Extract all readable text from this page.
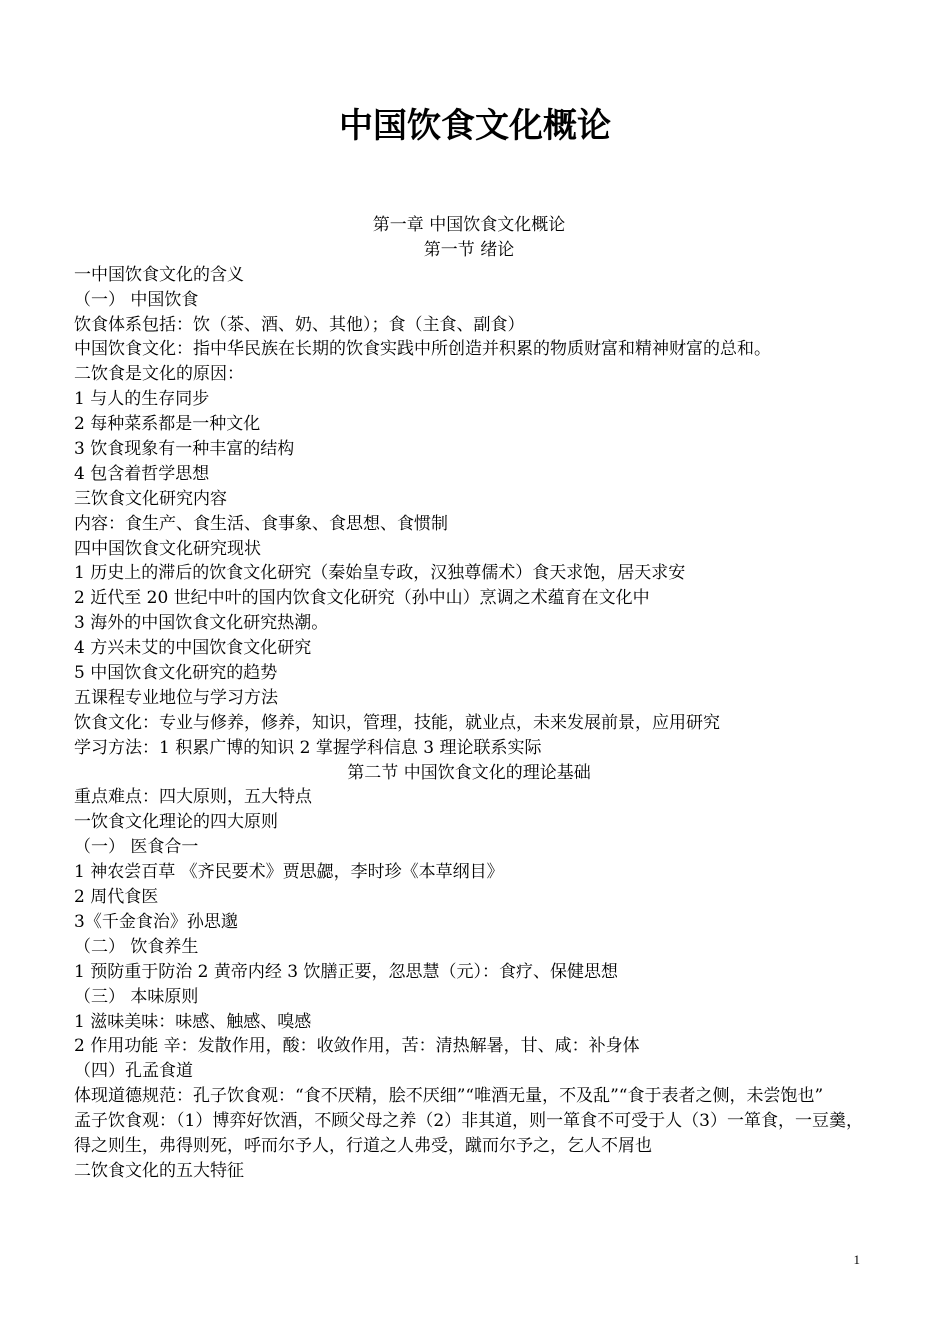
中国饮食文化概论
第一章 中国饮食文化概论
第一节 绪论
一中国饮食文化的含义
（一） 中国饮食
饮食体系包括：饮（茶、酒、奶、其他）；食（主食、副食）
中国饮食文化：指中华民族在长期的饮食实践中所创造并积累的物质财富和精神财富的总和。
二饮食是文化的原因：
1 与人的生存同步
2 每种菜系都是一种文化
3 饮食现象有一种丰富的结构
4 包含着哲学思想
三饮食文化研究内容
内容：食生产、食生活、食事象、食思想、食惯制
四中国饮食文化研究现状
1 历史上的滞后的饮食文化研究（秦始皇专政，汉独尊儒术）食天求饱，居天求安
2 近代至 20 世纪中叶的国内饮食文化研究（孙中山）烹调之术蕴育在文化中
3 海外的中国饮食文化研究热潮。
4 方兴未艾的中国饮食文化研究
5 中国饮食文化研究的趋势
五课程专业地位与学习方法
饮食文化：专业与修养，修养，知识，管理，技能，就业点，未来发展前景，应用研究
学习方法：1 积累广博的知识 2 掌握学科信息 3 理论联系实际
第二节 中国饮食文化的理论基础
重点难点：四大原则，五大特点
一饮食文化理论的四大原则
（一） 医食合一
1 神农尝百草 《齐民要术》贾思勰，李时珍《本草纲目》
2 周代食医
3《千金食治》孙思邈
（二） 饮食养生
1 预防重于防治 2 黄帝内经 3 饮膳正要，忽思慧（元）：食疗、保健思想
（三） 本味原则
1 滋味美味：味感、触感、嗅感
2 作用功能 辛：发散作用，酸：收敛作用，苦：清热解暑，甘、咸：补身体
（四）孔孟食道
体现道德规范：孔子饮食观：“食不厌精，脍不厌细”“唯酒无量，不及乱”“食于表者之侧，未尝饱也”
孟子饮食观：（1）博弈好饮酒，不顾父母之养（2）非其道，则一箪食不可受于人（3）一箪食，一豆羹，得之则生，弗得则死，呼而尔予人，行道之人弗受，蹴而尔予之，乞人不屑也
二饮食文化的五大特征
1
